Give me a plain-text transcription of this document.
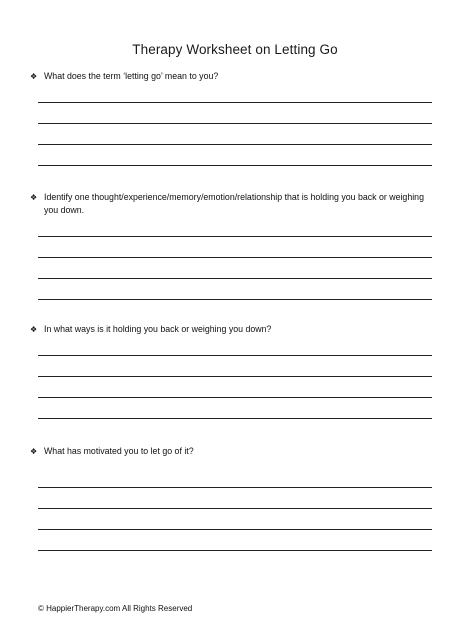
Therapy Worksheet on Letting Go
❖ What does the term ‘letting go’ mean to you?
❖ Identify one thought/experience/memory/emotion/relationship that is holding you back or weighing you down.
❖ In what ways is it holding you back or weighing you down?
❖ What has motivated you to let go of it?
© HappierTherapy.com All Rights Reserved
